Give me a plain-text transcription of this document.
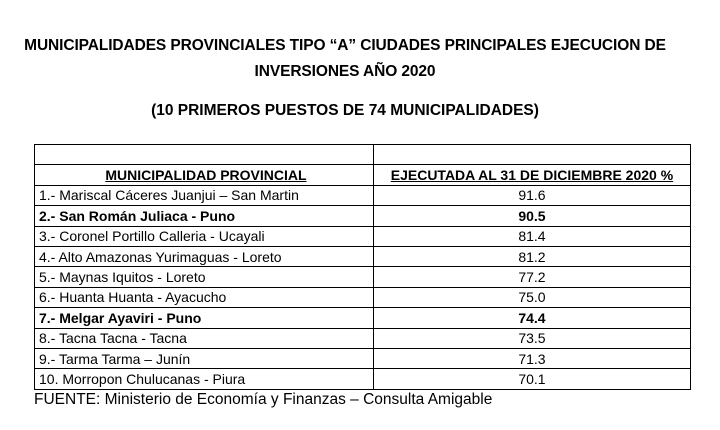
MUNICIPALIDADES PROVINCIALES TIPO “A” CIUDADES PRINCIPALES EJECUCION DE
INVERSIONES AÑO 2020
(10 PRIMEROS PUESTOS DE 74 MUNICIPALIDADES)

MUNICIPALIDAD PROVINCIAL	EJECUTADA AL 31 DE DICIEMBRE 2020 %
1.- Mariscal Cáceres Juanjui – San Martin	91.6
2.- San Román Juliaca - Puno	90.5
3.- Coronel Portillo Calleria - Ucayali	81.4
4.- Alto Amazonas Yurimaguas - Loreto	81.2
5.- Maynas Iquitos - Loreto	77.2
6.- Huanta Huanta - Ayacucho	75.0
7.- Melgar Ayaviri - Puno	74.4
8.- Tacna Tacna - Tacna	73.5
9.- Tarma Tarma – Junín	71.3
10. Morropon Chulucanas - Piura	70.1
FUENTE: Ministerio de Economía y Finanzas – Consulta Amigable
